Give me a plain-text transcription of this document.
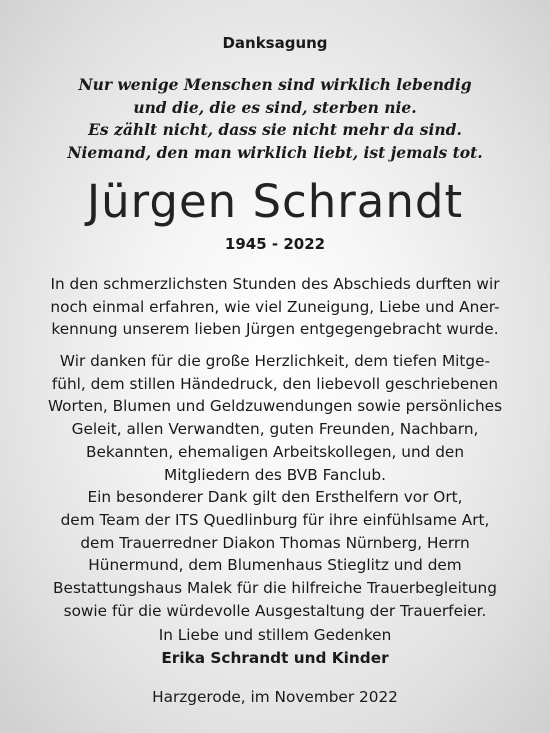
Danksagung
Nur wenige Menschen sind wirklich lebendig
und die, die es sind, sterben nie.
Es zählt nicht, dass sie nicht mehr da sind.
Niemand, den man wirklich liebt, ist jemals tot.
Jürgen Schrandt
1945 - 2022
In den schmerzlichsten Stunden des Abschieds durften wir
noch einmal erfahren, wie viel Zuneigung, Liebe und Aner-
kennung unserem lieben Jürgen entgegengebracht wurde.
Wir danken für die große Herzlichkeit, dem tiefen Mitge-
fühl, dem stillen Händedruck, den liebevoll geschriebenen
Worten, Blumen und Geldzuwendungen sowie persönliches
Geleit, allen Verwandten, guten Freunden, Nachbarn,
Bekannten, ehemaligen Arbeitskollegen, und den
Mitgliedern des BVB Fanclub.
Ein besonderer Dank gilt den Ersthelfern vor Ort,
dem Team der ITS Quedlinburg für ihre einfühlsame Art,
dem Trauerredner Diakon Thomas Nürnberg, Herrn
Hünermund, dem Blumenhaus Stieglitz und dem
Bestattungshaus Malek für die hilfreiche Trauerbegleitung
sowie für die würdevolle Ausgestaltung der Trauerfeier.
In Liebe und stillem Gedenken
Erika Schrandt und Kinder
Harzgerode, im November 2022
